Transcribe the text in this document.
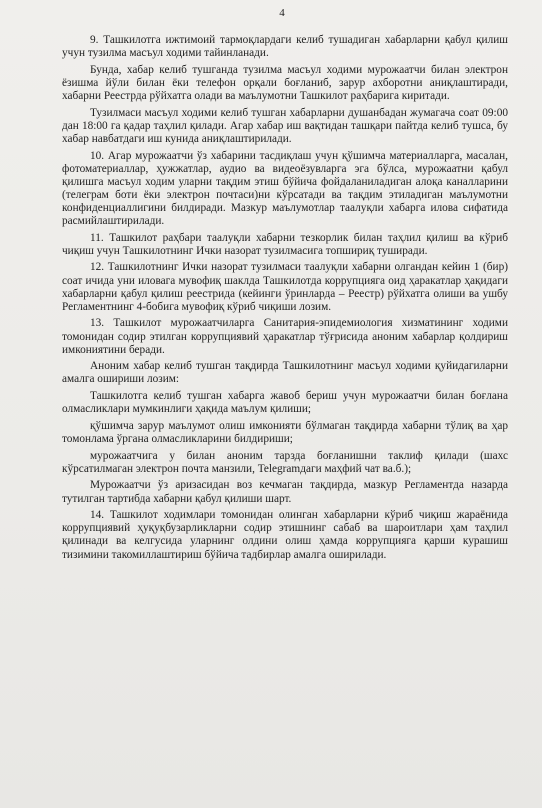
4

9. Ташкилотга ижтимоий тармоқлардаги келиб тушадиган хабарларни қабул қилиш учун тузилма масъул ходими тайинланади.

Бунда, хабар келиб тушганда тузилма масъул ходими мурожаатчи билан электрон ёзишма йўли билан ёки телефон орқали боғланиб, зарур ахборотни аниқлаштиради, хабарни Реестрда рўйхатга олади ва маълумотни Ташкилот раҳбарига киритади.

Тузилмаси масъул ходими келиб тушган хабарларни душанбадан жумагача соат 09:00 дан 18:00 га қадар таҳлил қилади. Агар хабар иш вақтидан ташқари пайтда келиб тушса, бу хабар навбатдаги иш кунида аниқлаштирилади.

10. Агар мурожаатчи ўз хабарини тасдиқлаш учун қўшимча материалларга, масалан, фотоматериаллар, ҳужжатлар, аудио ва видеоёзувларга эга бўлса, мурожаатни қабул қилишга масъул ходим уларни тақдим этиш бўйича фойдаланиладиган алоқа каналларини (телеграм боти ёки электрон почтаси)ни кўрсатади ва тақдим этиладиган маълумотни конфиденциаллигини билдиради. Мазкур маълумотлар таалуқли хабарга илова сифатида расмийлаштирилади.

11. Ташкилот раҳбари таалуқли хабарни тезкорлик билан таҳлил қилиш ва кўриб чиқиш учун Ташкилотнинг Ички назорат тузилмасига топшириқ туширади.

12. Ташкилотнинг Ички назорат тузилмаси таалуқли хабарни олгандан кейин 1 (бир) соат ичида уни иловага мувофиқ шаклда Ташкилотда коррупцияга оид ҳаракатлар ҳақидаги хабарларни қабул қилиш реестрида (кейинги ўринларда – Реестр) рўйхатга олиши ва ушбу Регламентнинг 4-бобига мувофиқ кўриб чиқиши лозим.

13. Ташкилот мурожаатчиларга Санитария-эпидемиология хизматининг ходими томонидан содир этилган коррупциявий ҳаракатлар тўғрисида аноним хабарлар қолдириш имкониятини беради.

Аноним хабар келиб тушган тақдирда Ташкилотнинг масъул ходими қуйидагиларни амалга ошириши лозим:

Ташкилотга келиб тушган хабарга жавоб бериш учун мурожаатчи билан боғлана олмасликлари мумкинлиги ҳақида маълум қилиши;

қўшимча зарур маълумот олиш имконияти бўлмаган тақдирда хабарни тўлиқ ва ҳар томонлама ўрганa олмасликларини билдириши;

мурожаатчига у билан аноним тарзда боғланишни таклиф қилади (шахс кўрсатилмаган электрон почта манзили, Telegramдаги маҳфий чат ва.б.);

Мурожаатчи ўз аризасидан воз кечмаган тақдирда, мазкур Регламентда назарда тутилган тартибда хабарни қабул қилиши шарт.

14. Ташкилот ходимлари томонидан олинган хабарларни кўриб чиқиш жараёнида коррупциявий ҳуқуқбузарликларни содир этишнинг сабаб ва шароитлари ҳам таҳлил қилинади ва келгусида уларнинг олдини олиш ҳамда коррупцияга қарши курашиш тизимини такомиллаштириш бўйича тадбирлар амалга оширилади.
